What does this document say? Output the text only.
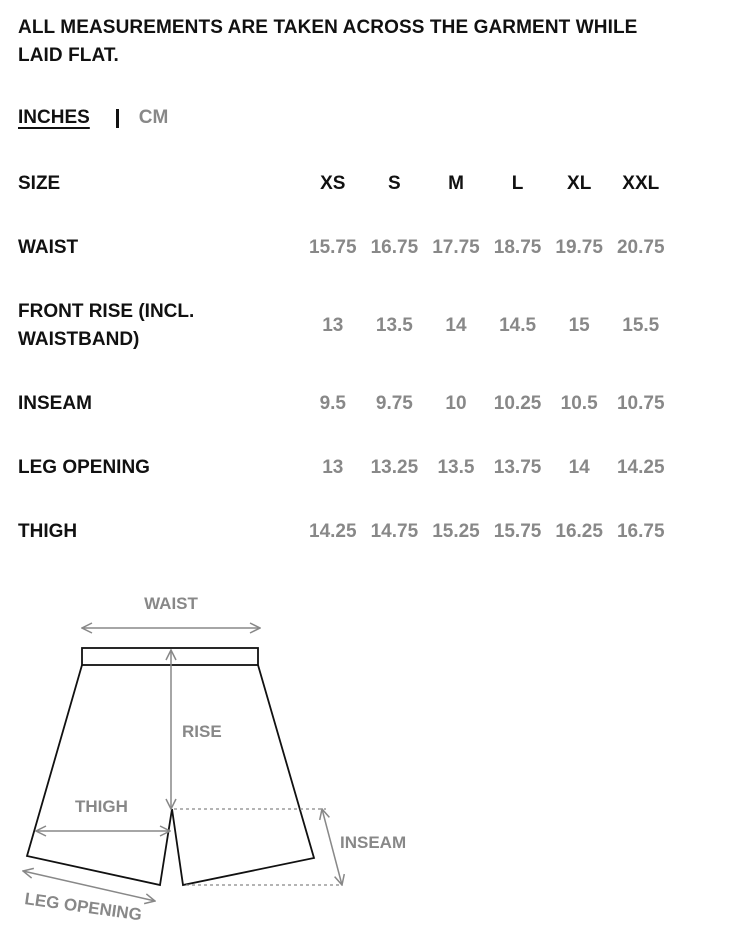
ALL MEASUREMENTS ARE TAKEN ACROSS THE GARMENT WHILE
LAID FLAT.
INCHES	CM
SIZE	XS	S	M	L	XL	XXL
WAIST	15.75	16.75	17.75	18.75	19.75	20.75

FRONT RISE (INCL.
WAISTBAND)	13	13.5	14	14.5	15	15.5
INSEAM	9.5	9.75	10	10.25	10.5	10.75
LEG OPENING	13	13.25	13.5	13.75	14	14.25
THIGH	14.25	14.75	15.25	15.75	16.25	16.75
WAIST
RISE
THIGH
INSEAM
LEG OPENING
